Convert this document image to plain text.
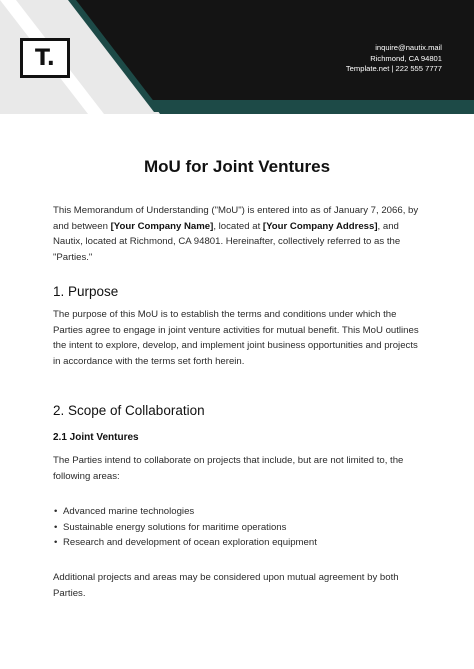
T.	inquire@nautix.mail
Richmond, CA 94801
Template.net | 222 555 7777
MoU for Joint Ventures

This Memorandum of Understanding ("MoU") is entered into as of January 7, 2066, by and between [Your Company Name], located at [Your Company Address], and Nautix, located at Richmond, CA 94801. Hereinafter, collectively referred to as the "Parties."

1. Purpose

The purpose of this MoU is to establish the terms and conditions under which the Parties agree to engage in joint venture activities for mutual benefit. This MoU outlines the intent to explore, develop, and implement joint business opportunities and projects in accordance with the terms set forth herein.

2. Scope of Collaboration
2.1 Joint Ventures

The Parties intend to collaborate on projects that include, but are not limited to, the following areas:

• Advanced marine technologies
• Sustainable energy solutions for maritime operations
• Research and development of ocean exploration equipment

Additional projects and areas may be considered upon mutual agreement by both Parties.
